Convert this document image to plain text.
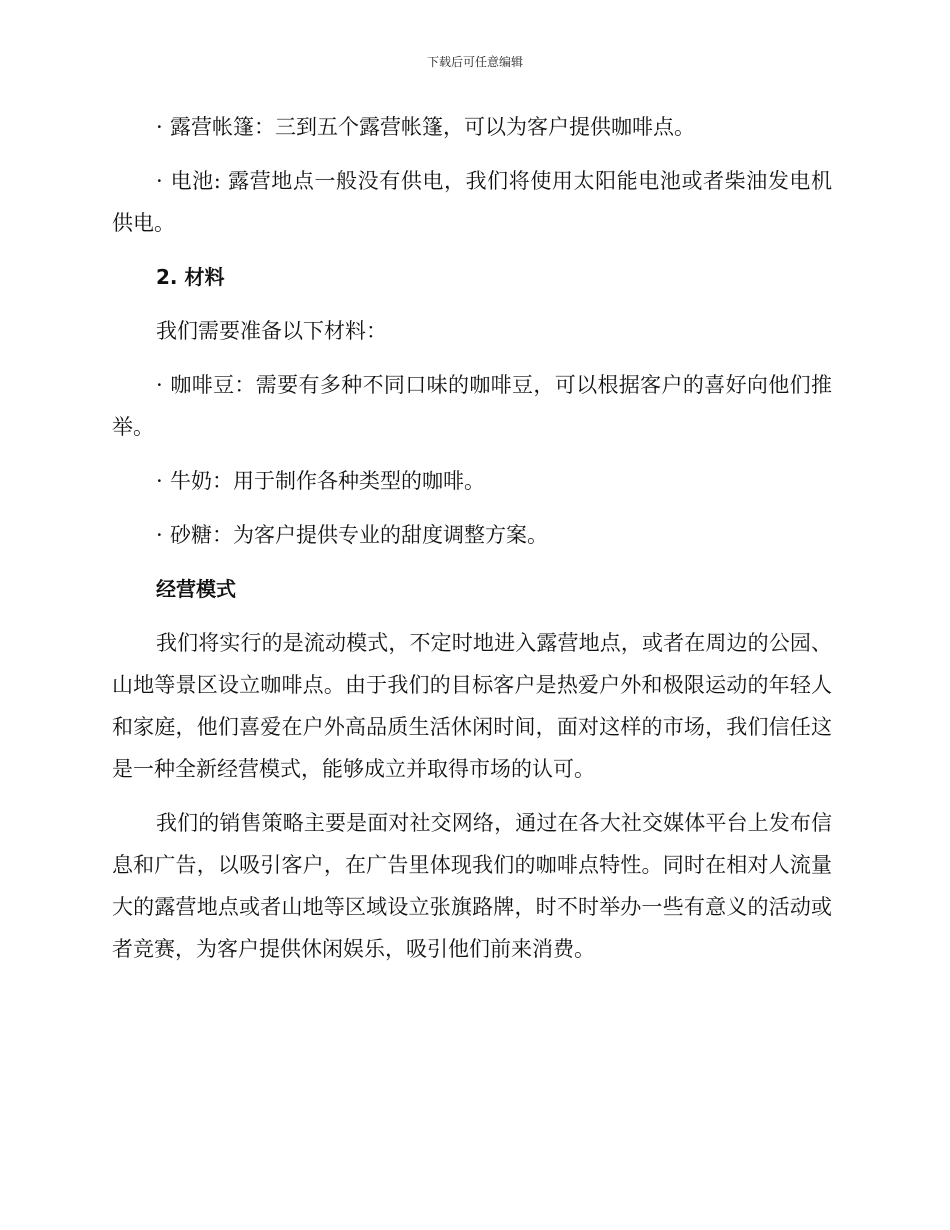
下载后可任意编辑

· 露营帐篷：三到五个露营帐篷，可以为客户提供咖啡点。

· 电池: 露营地点一般没有供电，我们将使用太阳能电池或者柴油发电机供电。

2. 材料

我们需要准备以下材料：

· 咖啡豆：需要有多种不同口味的咖啡豆，可以根据客户的喜好向他们推举。

· 牛奶：用于制作各种类型的咖啡。

· 砂糖：为客户提供专业的甜度调整方案。

经营模式

我们将实行的是流动模式，不定时地进入露营地点，或者在周边的公园、山地等景区设立咖啡点。由于我们的目标客户是热爱户外和极限运动的年轻人和家庭，他们喜爱在户外高品质生活休闲时间，面对这样的市场，我们信任这是一种全新经营模式，能够成立并取得市场的认可。

我们的销售策略主要是面对社交网络，通过在各大社交媒体平台上发布信息和广告，以吸引客户，在广告里体现我们的咖啡点特性。同时在相对人流量大的露营地点或者山地等区域设立张旗路牌，时不时举办一些有意义的活动或者竞赛，为客户提供休闲娱乐，吸引他们前来消费。
